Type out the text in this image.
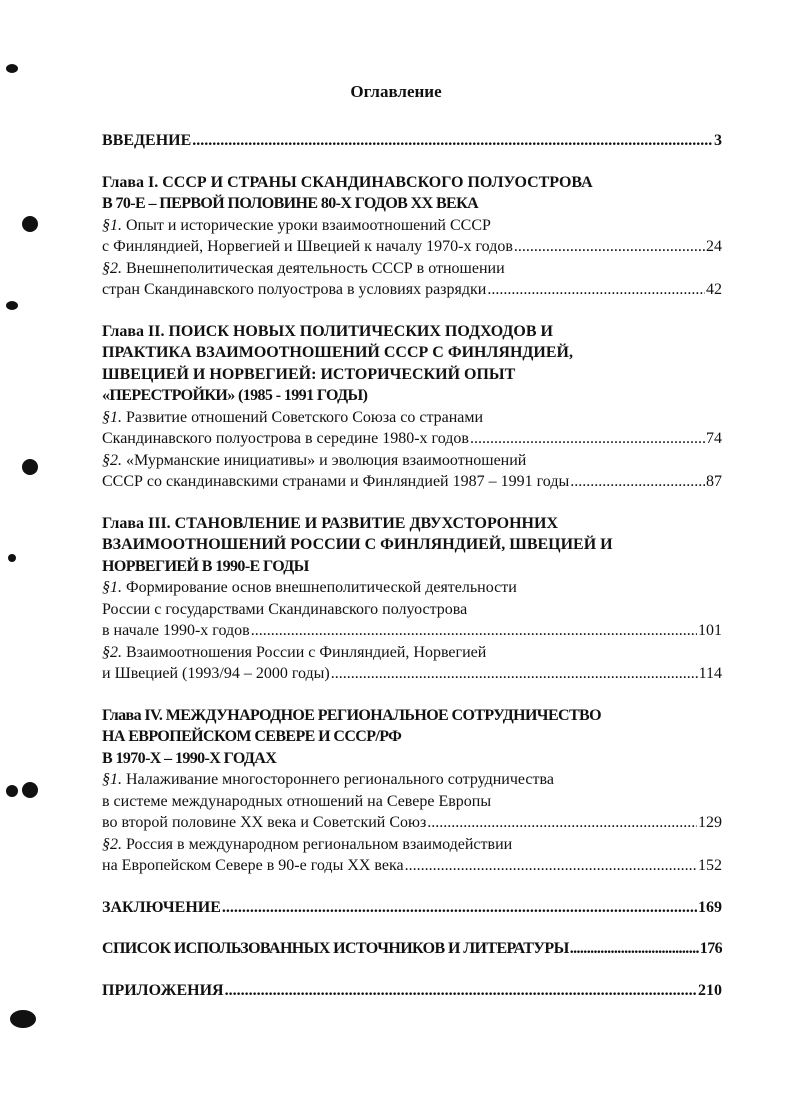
Оглавление
ВВЕДЕНИЕ .....	3
Глава I. СССР И СТРАНЫ СКАНДИНАВСКОГО ПОЛУОСТРОВА
В 70-Е – ПЕРВОЙ ПОЛОВИНЕ 80-Х ГОДОВ ХХ ВЕКА
§1. Опыт и исторические уроки взаимоотношений СССР
с Финляндией, Норвегией и Швецией к началу 1970-х годов .....	24
§2. Внешнеполитическая деятельность СССР в отношении
стран Скандинавского полуострова в условиях разрядки .....	42
Глава II. ПОИСК НОВЫХ ПОЛИТИЧЕСКИХ ПОДХОДОВ И
ПРАКТИКА ВЗАИМООТНОШЕНИЙ СССР С ФИНЛЯНДИЕЙ,
ШВЕЦИЕЙ И НОРВЕГИЕЙ: ИСТОРИЧЕСКИЙ ОПЫТ
«ПЕРЕСТРОЙКИ» (1985 - 1991 ГОДЫ)
§1. Развитие отношений Советского Союза со странами
Скандинавского полуострова в середине 1980-х годов .....	74
§2. «Мурманские инициативы» и эволюция взаимоотношений
СССР со скандинавскими странами и Финляндией 1987 – 1991 годы .....	87
Глава III. СТАНОВЛЕНИЕ И РАЗВИТИЕ ДВУХСТОРОННИХ
ВЗАИМООТНОШЕНИЙ РОССИИ С ФИНЛЯНДИЕЙ, ШВЕЦИЕЙ И
НОРВЕГИЕЙ В 1990-Е ГОДЫ
§1. Формирование основ внешнеполитической деятельности
России с государствами Скандинавского полуострова
в начале 1990-х годов .....	101
§2. Взаимоотношения России с Финляндией, Норвегией
и Швецией (1993/94 – 2000 годы) .....	114
Глава IV. МЕЖДУНАРОДНОЕ РЕГИОНАЛЬНОЕ СОТРУДНИЧЕСТВО
НА ЕВРОПЕЙСКОМ СЕВЕРЕ И СССР/РФ
В 1970-Х – 1990-Х ГОДАХ
§1. Налаживание многостороннего регионального сотрудничества
в системе международных отношений на Севере Европы
во второй половине ХХ века и Советский Союз .....	129
§2. Россия в международном региональном взаимодействии
на Европейском Севере в 90-е годы ХХ века .....	152
ЗАКЛЮЧЕНИЕ .....	169
СПИСОК ИСПОЛЬЗОВАННЫХ ИСТОЧНИКОВ И ЛИТЕРАТУРЫ .....	176
ПРИЛОЖЕНИЯ .....	210
